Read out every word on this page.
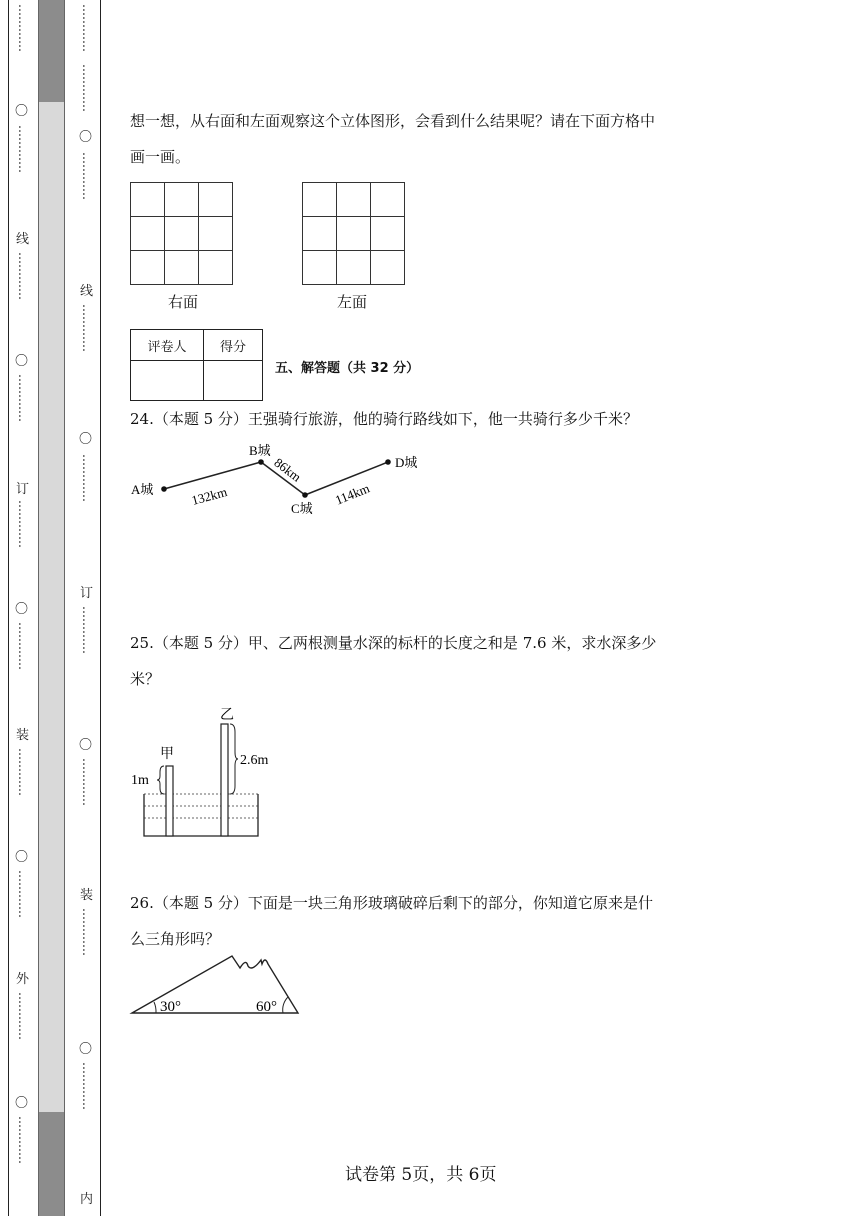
…………
〇
…………
线
…………
〇
…………
订
…………
〇
…………
装
…………
〇
…………
外
…………
〇
…………
…………
…………
〇
…………
线
…………
〇
…………
订
…………
〇
…………
装
…………
〇
…………
内
想一想，从右面和左面观察这个立体图形，会看到什么结果呢？请在下面方格中
画一画。

右面

			左面
评卷人	得分

五、解答题（共 32 分）
24.（本题 5 分）王强骑行旅游，他的骑行路线如下，他一共骑行多少千米？
A城
B城
C城
D城
132km
86km
114km
25.（本题 5 分）甲、乙两根测量水深的标杆的长度之和是 7.6 米，求水深多少
米？
甲
乙
1m
2.6m
26.（本题 5 分）下面是一块三角形玻璃破碎后剩下的部分，你知道它原来是什
么三角形吗？
30°	60°
试卷第 5页，共 6页
